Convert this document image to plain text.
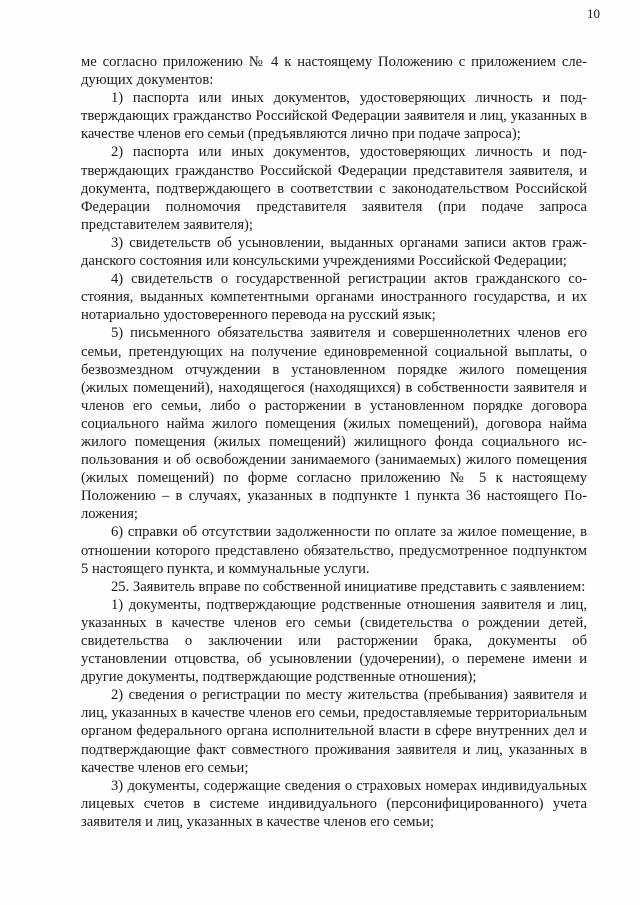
10

ме согласно приложению № 4 к настоящему Положению с приложением следующих документов:

1) паспорта или иных документов, удостоверяющих личность и подтверждающих гражданство Российской Федерации заявителя и лиц, указанных в качестве членов его семьи (предъявляются лично при подаче запроса);

2) паспорта или иных документов, удостоверяющих личность и подтверждающих гражданство Российской Федерации представителя заявителя, и документа, подтверждающего в соответствии с законодательством Российской Федерации полномочия представителя заявителя (при подаче запроса представителем заявителя);

3) свидетельств об усыновлении, выданных органами записи актов гражданского состояния или консульскими учреждениями Российской Федерации;

4) свидетельств о государственной регистрации актов гражданского состояния, выданных компетентными органами иностранного государства, и их нотариально удостоверенного перевода на русский язык;

5) письменного обязательства заявителя и совершеннолетних членов его семьи, претендующих на получение единовременной социальной выплаты, о безвозмездном отчуждении в установленном порядке жилого помещения (жилых помещений), находящегося (находящихся) в собственности заявителя и членов его семьи, либо о расторжении в установленном порядке договора социального найма жилого помещения (жилых помещений), договора найма жилого помещения (жилых помещений) жилищного фонда социального использования и об освобождении занимаемого (занимаемых) жилого помещения (жилых помещений) по форме согласно приложению № 5 к настоящему Положению – в случаях, указанных в подпункте 1 пункта 36 настоящего Положения;

6) справки об отсутствии задолженности по оплате за жилое помещение, в отношении которого представлено обязательство, предусмотренное подпунктом 5 настоящего пункта, и коммунальные услуги.

25. Заявитель вправе по собственной инициативе представить с заявлением:

1) документы, подтверждающие родственные отношения заявителя и лиц, указанных в качестве членов его семьи (свидетельства о рождении детей, свидетельства о заключении или расторжении брака, документы об установлении отцовства, об усыновлении (удочерении), о перемене имени и другие документы, подтверждающие родственные отношения);

2) сведения о регистрации по месту жительства (пребывания) заявителя и лиц, указанных в качестве членов его семьи, предоставляемые территориальным органом федерального органа исполнительной власти в сфере внутренних дел и подтверждающие факт совместного проживания заявителя и лиц, указанных в качестве членов его семьи;

3) документы, содержащие сведения о страховых номерах индивидуальных лицевых счетов в системе индивидуального (персонифицированного) учета заявителя и лиц, указанных в качестве членов его семьи;
